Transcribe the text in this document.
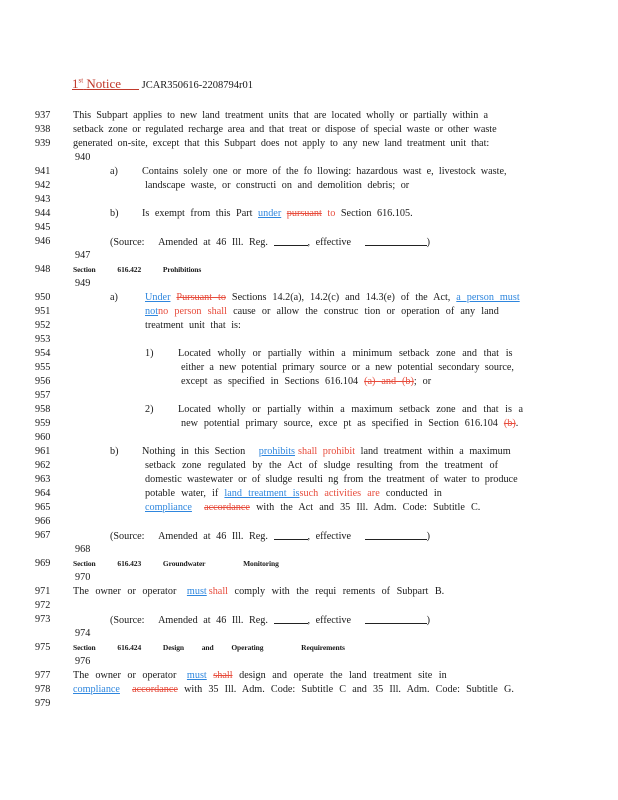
1st Notice JCAR350616-2208794r01
937
938
939
940
941
942
943
944
945
946
947
948
949
950
951
952
953
954
955
956
957
958
959
960
961
962
963
964
965
966
967
968
969
970
971
972
973
974
975
976
977
978
979
This Subpart applies to new land treatment units that are located wholly or partially within a
setback zone or regulated recharge area and that treat or dispose of special waste or other waste
generated on-site, except that this Subpart does not apply to any new land treatment unit that:
a) Contains solely one or more of the fo llowing: hazardous wast e, livestock waste,
landscape waste, or constructi on and demolition debris; or
b) Is exempt from this Part under pursuant to Section 616.105.
(Source: Amended at 46 Ill. Reg.	, effective	)
Section	616.422	Prohibitions
a)	Under Pursuant to Sections 14.2(a), 14.2(c) and 14.3(e) of the Act, a person must
notno person shall cause or allow the construc tion or operation of any land
treatment unit that is:
1) Located wholly or partially within a minimum setback zone and that is
either a new potential primary source or a new potential secondary source,
except as specified in Sections 616.104 (a) and (b); or
2) Located wholly or partially within a maximum setback zone and that is a
new potential primary source, exce pt as specified in Section 616.104 (b).
b) Nothing in this Section prohibits shall prohibit land treatment within a maximum
setback zone regulated by the Act of sludge resulting from the treatment of
domestic wastewater or of sludge resulti ng from the treatment of water to produce
potable water, if land treatment issuch activities are conducted in
compliance accordance with the Act and 35 Ill. Adm. Code: Subtitle C.
(Source: Amended at 46 Ill. Reg.	, effective	)
Section	616.423	Groundwater	Monitoring
The owner or operator must shall comply with the requi rements of Subpart B.
(Source: Amended at 46 Ill. Reg.	, effective	)
Section	616.424	Design and Operating	Requirements
The owner or operator must shall design and operate the land treatment site in
compliance accordance with 35 Ill. Adm. Code: Subtitle C and 35 Ill. Adm. Code: Subtitle G.
